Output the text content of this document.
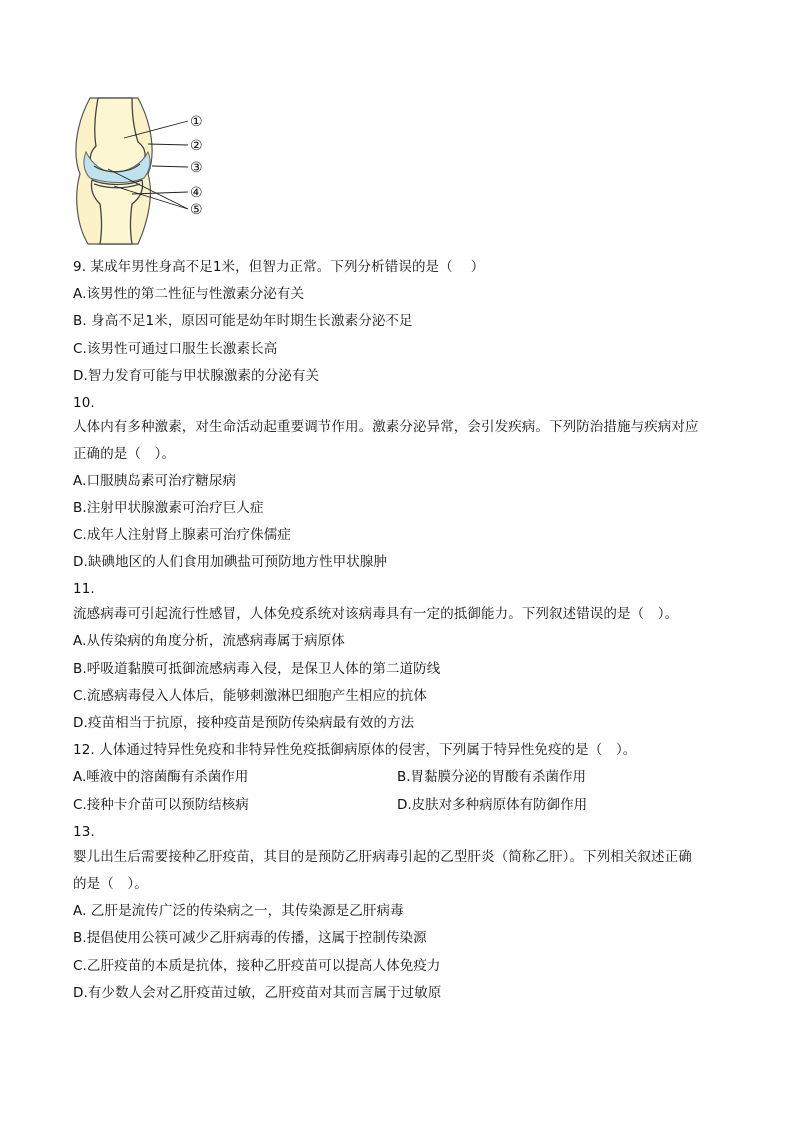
①
②
③
④
⑤
9. 某成年男性身高不足1米，但智力正常。下列分析错误的是（　 ）
A.该男性的第二性征与性激素分泌有关
B. 身高不足1米，原因可能是幼年时期生长激素分泌不足
C.该男性可通过口服生长激素长高
D.智力发育可能与甲状腺激素的分泌有关
10.
人体内有多种激素，对生命活动起重要调节作用。激素分泌异常，会引发疾病。下列防治措施与疾病对应
正确的是（　）。
A.口服胰岛素可治疗糖尿病
B.注射甲状腺激素可治疗巨人症
C.成年人注射肾上腺素可治疗侏儒症
D.缺碘地区的人们食用加碘盐可预防地方性甲状腺肿
11.
流感病毒可引起流行性感冒，人体免疫系统对该病毒具有一定的抵御能力。下列叙述错误的是（　）。
A.从传染病的角度分析，流感病毒属于病原体
B.呼吸道黏膜可抵御流感病毒入侵，是保卫人体的第二道防线
C.流感病毒侵入人体后，能够刺激淋巴细胞产生相应的抗体
D.疫苗相当于抗原，接种疫苗是预防传染病最有效的方法
12. 人体通过特异性免疫和非特异性免疫抵御病原体的侵害，下列属于特异性免疫的是（　）。
A.唾液中的溶菌酶有杀菌作用	B.胃黏膜分泌的胃酸有杀菌作用
C.接种卡介苗可以预防结核病	D.皮肤对多种病原体有防御作用
13.
婴儿出生后需要接种乙肝疫苗，其目的是预防乙肝病毒引起的乙型肝炎（简称乙肝）。下列相关叙述正确
的是（　）。
A. 乙肝是流传广泛的传染病之一，其传染源是乙肝病毒
B.提倡使用公筷可减少乙肝病毒的传播，这属于控制传染源
C.乙肝疫苗的本质是抗体，接种乙肝疫苗可以提高人体免疫力
D.有少数人会对乙肝疫苗过敏，乙肝疫苗对其而言属于过敏原
